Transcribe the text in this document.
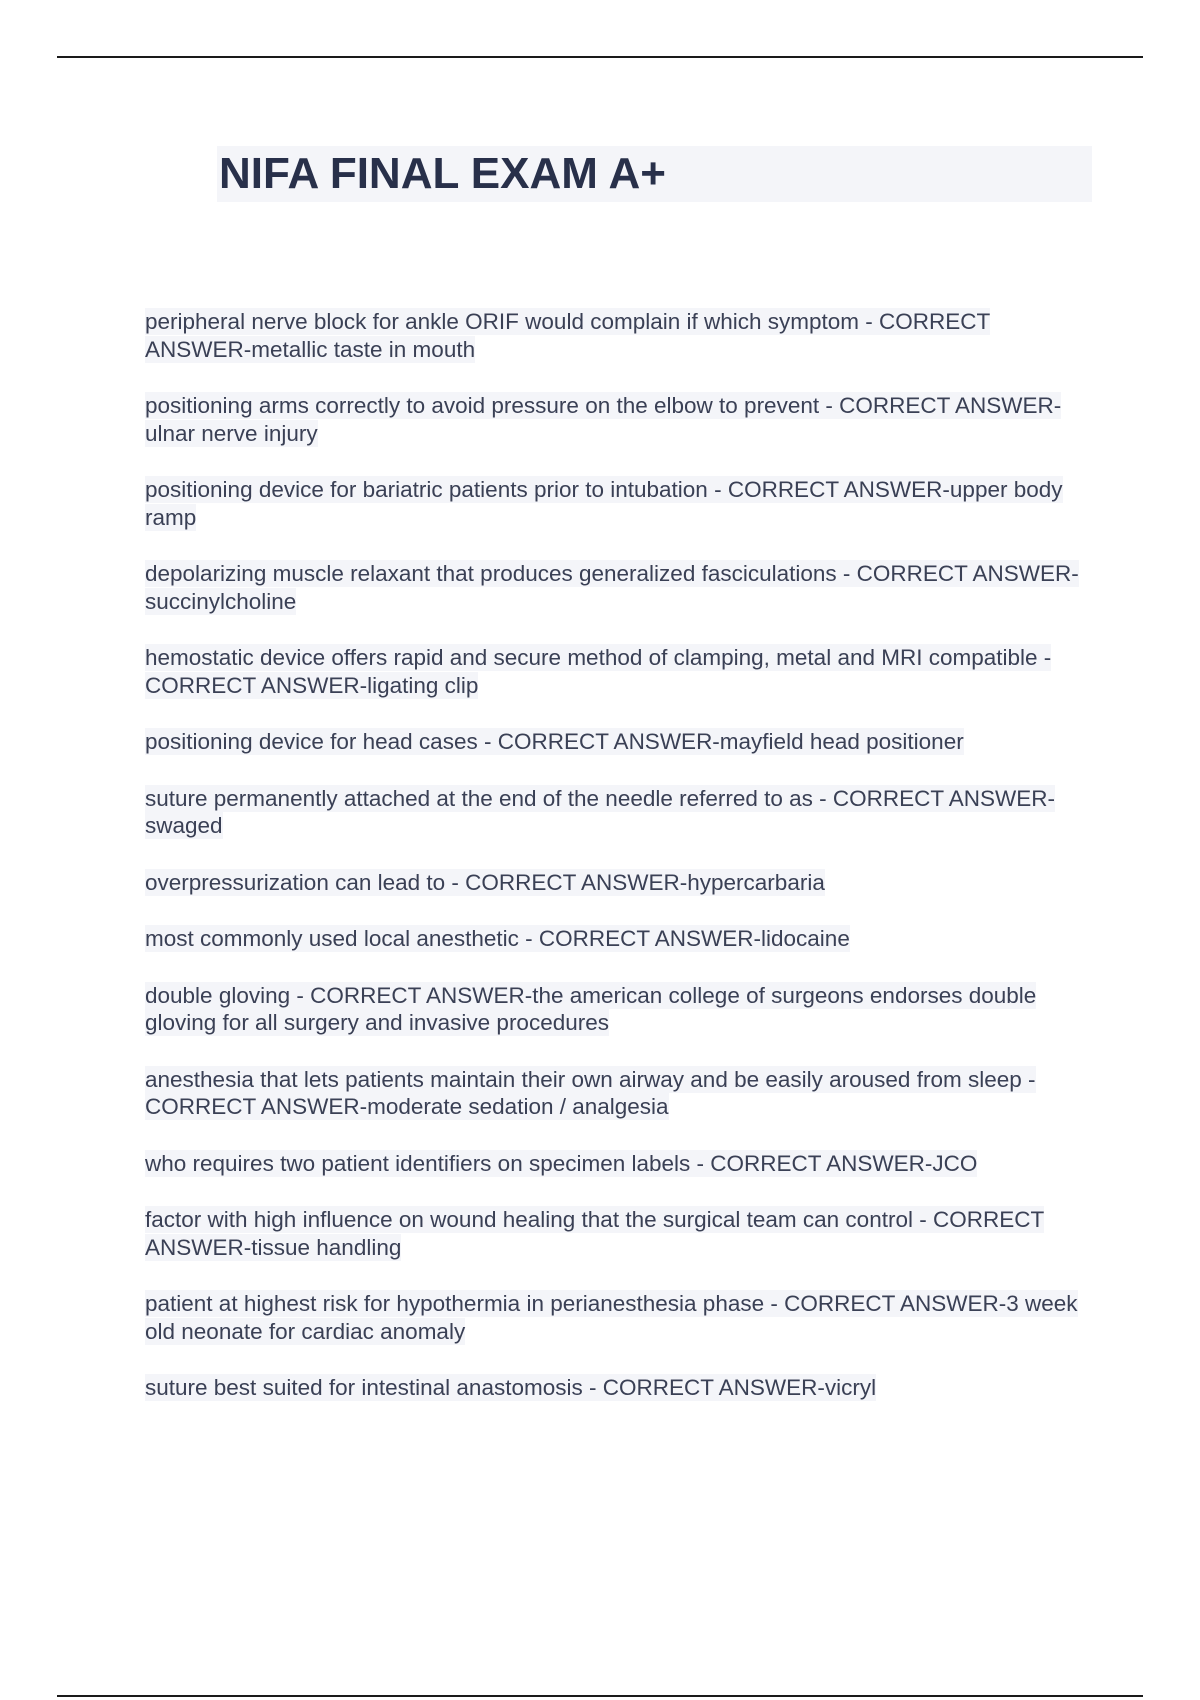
NIFA FINAL EXAM A+
peripheral nerve block for ankle ORIF would complain if which symptom - CORRECT ANSWER-metallic taste in mouth
positioning arms correctly to avoid pressure on the elbow to prevent - CORRECT ANSWER-ulnar nerve injury
positioning device for bariatric patients prior to intubation - CORRECT ANSWER-upper body ramp
depolarizing muscle relaxant that produces generalized fasciculations - CORRECT ANSWER-succinylcholine
hemostatic device offers rapid and secure method of clamping, metal and MRI compatible - CORRECT ANSWER-ligating clip
positioning device for head cases - CORRECT ANSWER-mayfield head positioner
suture permanently attached at the end of the needle referred to as - CORRECT ANSWER-swaged
overpressurization can lead to - CORRECT ANSWER-hypercarbaria
most commonly used local anesthetic - CORRECT ANSWER-lidocaine
double gloving - CORRECT ANSWER-the american college of surgeons endorses double gloving for all surgery and invasive procedures
anesthesia that lets patients maintain their own airway and be easily aroused from sleep - CORRECT ANSWER-moderate sedation / analgesia
who requires two patient identifiers on specimen labels - CORRECT ANSWER-JCO
factor with high influence on wound healing that the surgical team can control - CORRECT ANSWER-tissue handling
patient at highest risk for hypothermia in perianesthesia phase - CORRECT ANSWER-3 week old neonate for cardiac anomaly
suture best suited for intestinal anastomosis - CORRECT ANSWER-vicryl
